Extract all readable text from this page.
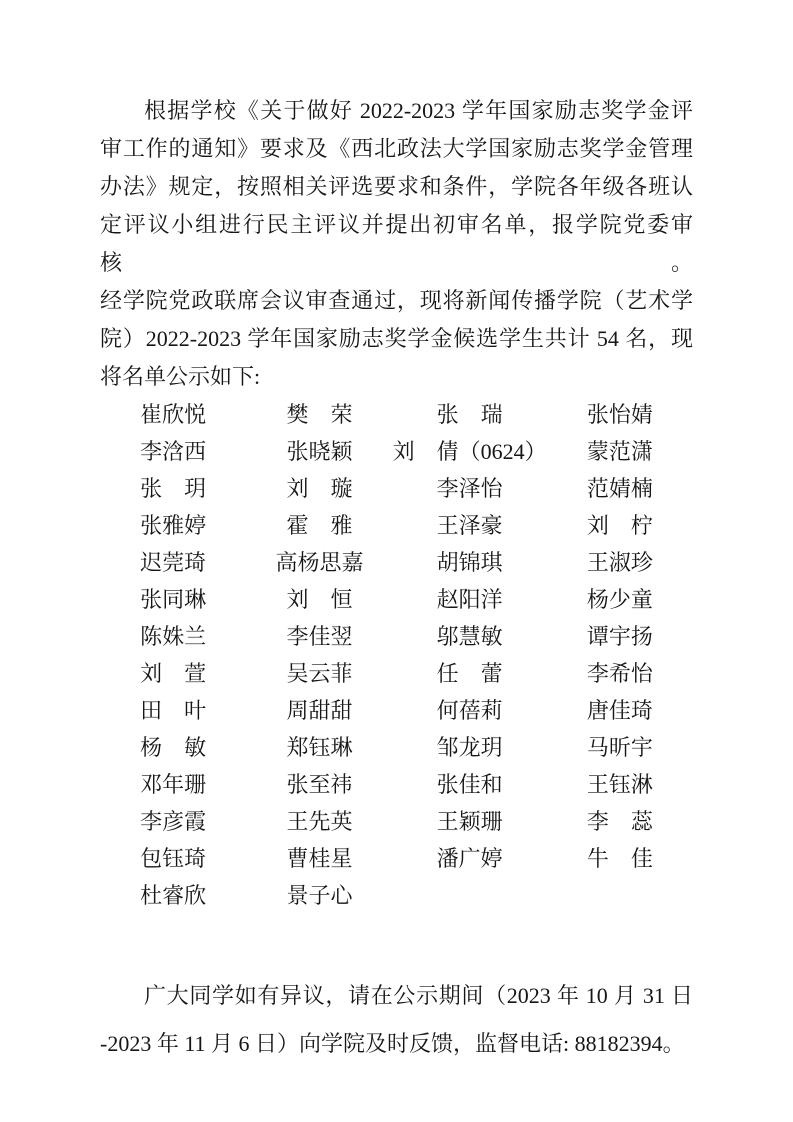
根据学校《关于做好 2022-2023 学年国家励志奖学金评
审工作的通知》要求及《西北政法大学国家励志奖学金管理
办法》规定，按照相关评选要求和条件，学院各年级各班认
定评议小组进行民主评议并提出初审名单，报学院党委审核。
经学院党政联席会议审查通过，现将新闻传播学院（艺术学
院）2022-2023 学年国家励志奖学金候选学生共计 54 名，现
将名单公示如下:
崔欣悦	樊　荣	张　瑞	张怡婧
李浛西	张晓颖	刘　倩（0624）	蒙范潇
张　玥	刘　璇	李泽怡	范婧楠
张雅婷	霍　雅	王泽豪	刘　柠
迟莞琦	高杨思嘉	胡锦琪	王淑珍
张同琳	刘　恒	赵阳洋	杨少童
陈姝兰	李佳翌	邬慧敏	谭宇扬
刘　萱	吴云菲	任　蕾	李希怡
田　叶	周甜甜	何蓓莉	唐佳琦
杨　敏	郑钰琳	邹龙玥	马昕宇
邓年珊	张至祎	张佳和	王钰淋
李彦霞	王先英	王颖珊	李　蕊
包钰琦	曹桂星	潘广婷	牛　佳
杜睿欣	景子心
广大同学如有异议，请在公示期间（2023 年 10 月 31 日
-2023 年 11 月 6 日）向学院及时反馈，监督电话: 88182394。
